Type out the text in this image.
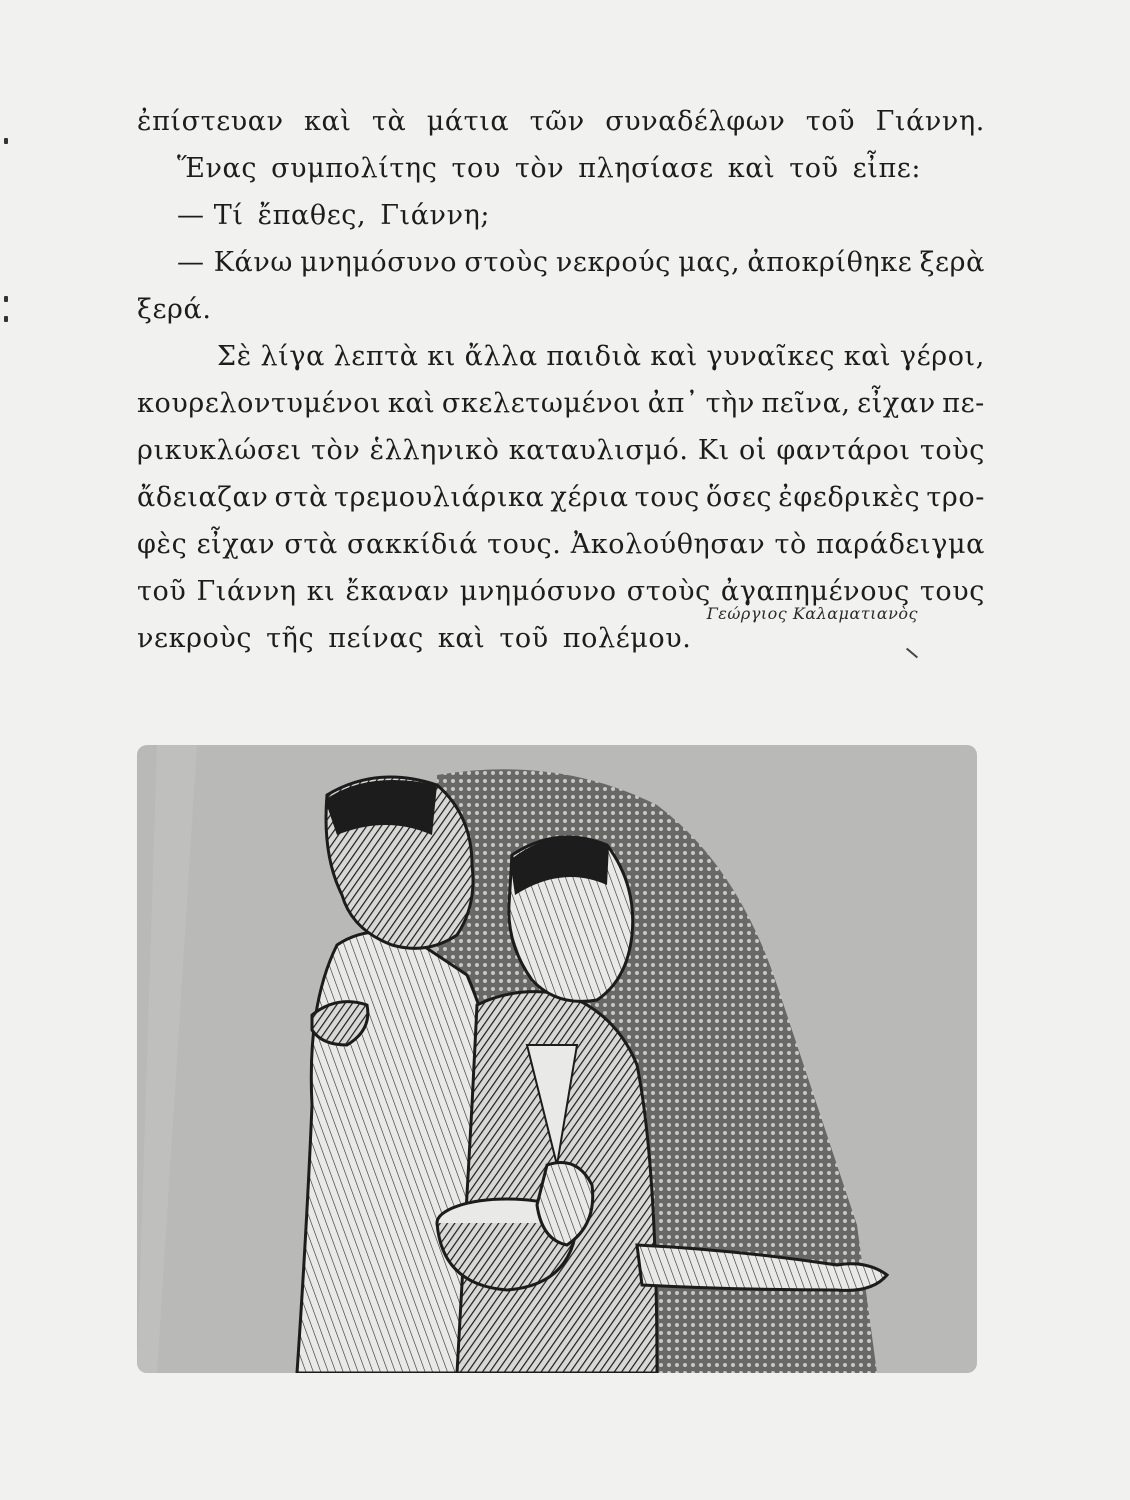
ἐπίστευαν καὶ τὰ μάτια τῶν συναδέλφων τοῦ Γιάννη.
Ἕνας συμπολίτης του τὸν πλησίασε καὶ τοῦ εἶπε:
— Τί ἔπαθες, Γιάννη;
— Κάνω μνημόσυνο στοὺς νεκρούς μας, ἀποκρίθηκε ξερὰ
ξερά.
Σὲ λίγα λεπτὰ κι ἄλλα παιδιὰ καὶ γυναῖκες καὶ γέροι,
κουρελοντυμένοι καὶ σκελετωμένοι ἀπ᾽ τὴν πεῖνα, εἶχαν πε-
ρικυκλώσει τὸν ἑλληνικὸ καταυλισμό. Κι οἱ φαντάροι τοὺς
ἄδειαζαν στὰ τρεμουλιάρικα χέρια τους ὅσες ἐφεδρικὲς τρο-
φὲς εἶχαν στὰ σακκίδιά τους. Ἀκολούθησαν τὸ παράδειγμα
τοῦ Γιάννη κι ἔκαναν μνημόσυνο στοὺς ἀγαπημένους τους
νεκροὺς τῆς πείνας καὶ τοῦ πολέμου.
Γεώργιος Καλαματιανὸς
